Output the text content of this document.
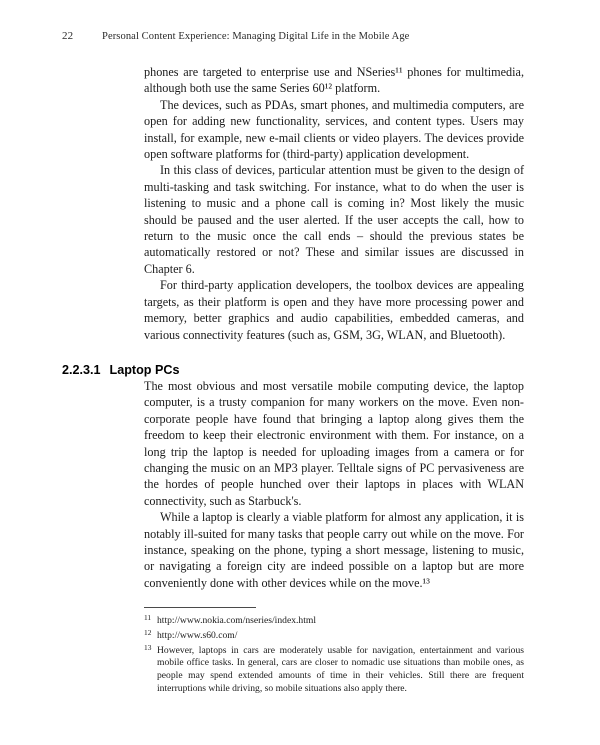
22	Personal Content Experience: Managing Digital Life in the Mobile Age

phones are targeted to enterprise use and NSeries¹¹ phones for multimedia, although both use the same Series 60¹² platform.

The devices, such as PDAs, smart phones, and multimedia computers, are open for adding new functionality, services, and content types. Users may install, for example, new e-mail clients or video players. The devices provide open software platforms for (third-party) application development.

In this class of devices, particular attention must be given to the design of multi-tasking and task switching. For instance, what to do when the user is listening to music and a phone call is coming in? Most likely the music should be paused and the user alerted. If the user accepts the call, how to return to the music once the call ends – should the previous states be automatically restored or not? These and similar issues are discussed in Chapter 6.

For third-party application developers, the toolbox devices are appealing targets, as their platform is open and they have more processing power and memory, better graphics and audio capabilities, embedded cameras, and various connectivity features (such as, GSM, 3G, WLAN, and Bluetooth).

2.2.3.1 Laptop PCs

The most obvious and most versatile mobile computing device, the laptop computer, is a trusty companion for many workers on the move. Even non-corporate people have found that bringing a laptop along gives them the freedom to keep their electronic environment with them. For instance, on a long trip the laptop is needed for uploading images from a camera or for changing the music on an MP3 player. Telltale signs of PC pervasiveness are the hordes of people hunched over their laptops in places with WLAN connectivity, such as Starbuck's.

While a laptop is clearly a viable platform for almost any application, it is notably ill-suited for many tasks that people carry out while on the move. For instance, speaking on the phone, typing a short message, listening to music, or navigating a foreign city are indeed possible on a laptop but are more conveniently done with other devices while on the move.¹³

11 http://www.nokia.com/nseries/index.html
12 http://www.s60.com/
13 However, laptops in cars are moderately usable for navigation, entertainment and various mobile office tasks. In general, cars are closer to nomadic use situations than mobile ones, as people may spend extended amounts of time in their vehicles. Still there are frequent interruptions while driving, so mobile situations also apply there.
